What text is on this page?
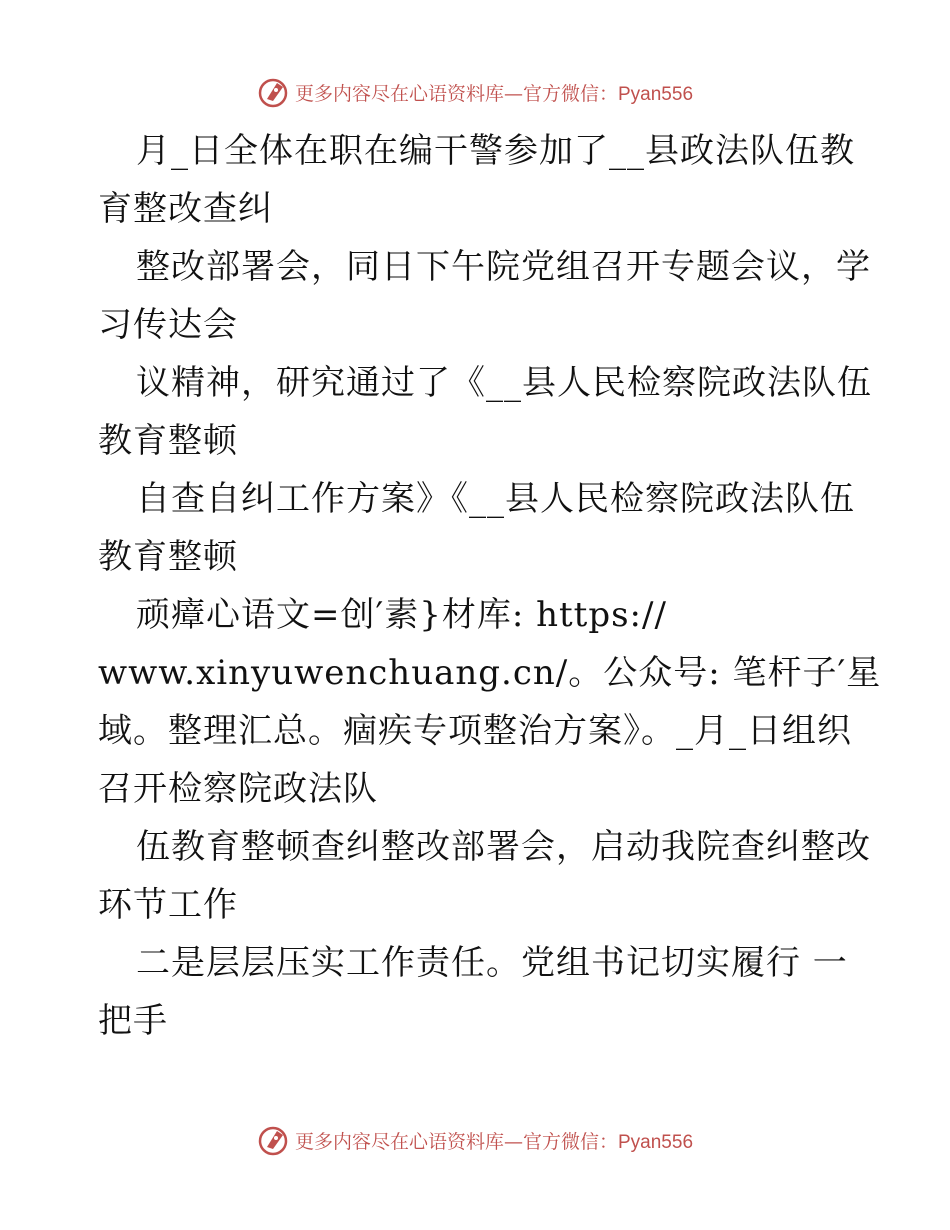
更多内容尽在心语资料库—官方微信：Pyan556
月_日全体在职在编干警参加了__县政法队伍教
育整改查纠
整改部署会，同日下午院党组召开专题会议，学
习传达会
议精神，研究通过了《__县人民检察院政法队伍
教育整顿
自查自纠工作方案》《__县人民检察院政法队伍
教育整顿
顽瘴心语文=创′素}材库: https://
www.xinyuwenchuang.cn/。公众号: 笔杆子′星
域。整理汇总。痼疾专项整治方案》。_月_日组织
召开检察院政法队
伍教育整顿查纠整改部署会，启动我院查纠整改
环节工作
二是层层压实工作责任。党组书记切实履行 一
把手
更多内容尽在心语资料库—官方微信：Pyan556
